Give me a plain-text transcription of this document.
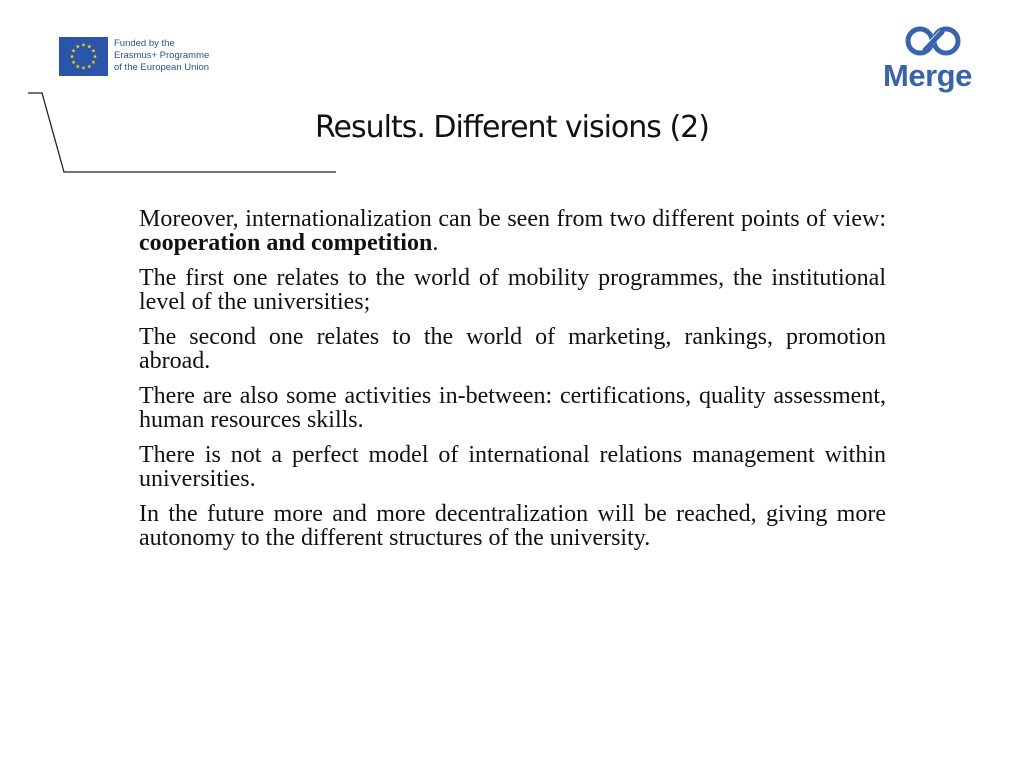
Funded by the
Erasmus+ Programme
of the European Union	Merge
Results. Different visions (2)

Moreover, internationalization can be seen from two different points of view: cooperation and competition.

The first one relates to the world of mobility programmes, the institutional level of the universities;

The second one relates to the world of marketing, rankings, promotion abroad.

There are also some activities in-between: certifications, quality assessment, human resources skills.

There is not a perfect model of international relations management within universities.

In the future more and more decentralization will be reached, giving more autonomy to the different structures of the university.
